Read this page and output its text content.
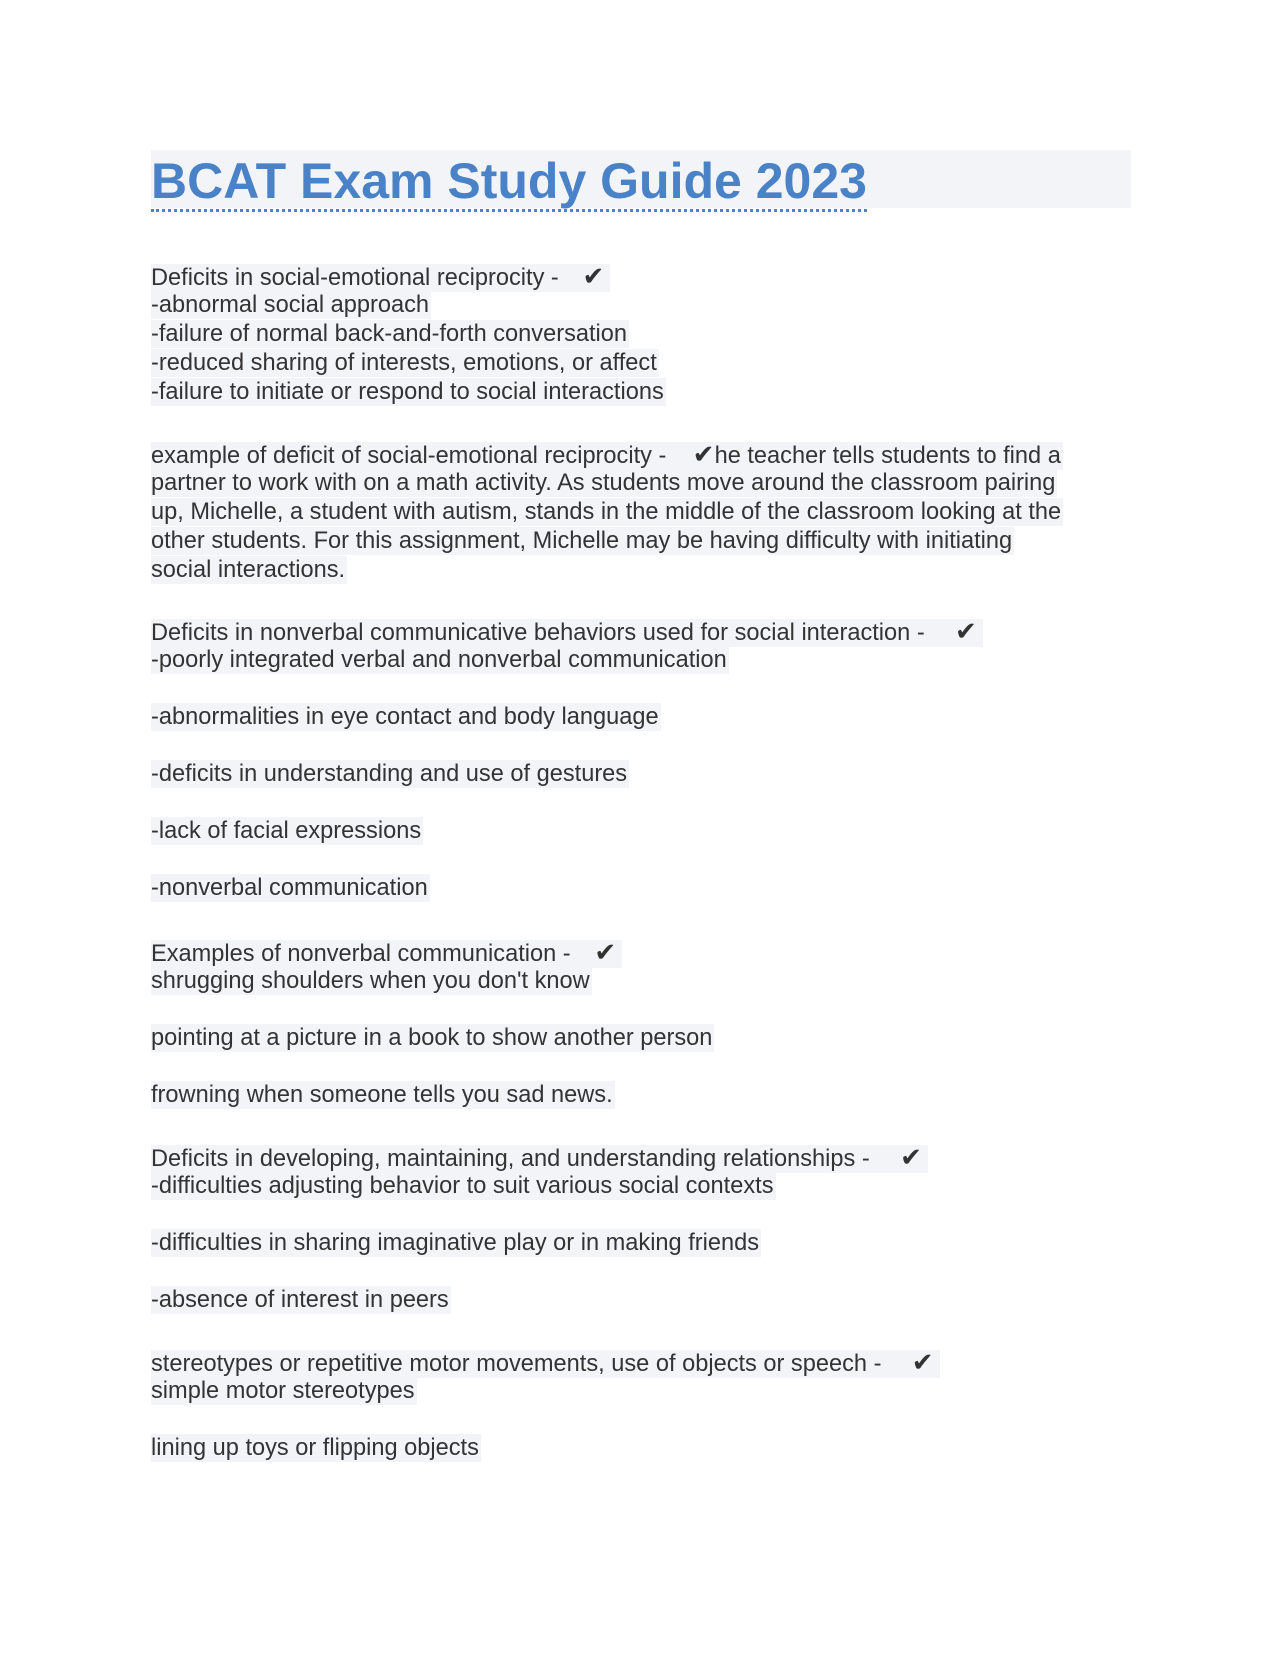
BCAT Exam Study Guide 2023
Deficits in social-emotional reciprocity - ✔
-abnormal social approach
-failure of normal back-and-forth conversation
-reduced sharing of interests, emotions, or affect
-failure to initiate or respond to social interactions
example of deficit of social-emotional reciprocity - ✔he teacher tells students to find a
partner to work with on a math activity. As students move around the classroom pairing
up, Michelle, a student with autism, stands in the middle of the classroom looking at the
other students. For this assignment, Michelle may be having difficulty with initiating
social interactions.
Deficits in nonverbal communicative behaviors used for social interaction - ✔
-poorly integrated verbal and nonverbal communication
-abnormalities in eye contact and body language
-deficits in understanding and use of gestures
-lack of facial expressions
-nonverbal communication
Examples of nonverbal communication - ✔
shrugging shoulders when you don't know
pointing at a picture in a book to show another person
frowning when someone tells you sad news.
Deficits in developing, maintaining, and understanding relationships - ✔
-difficulties adjusting behavior to suit various social contexts
-difficulties in sharing imaginative play or in making friends
-absence of interest in peers
stereotypes or repetitive motor movements, use of objects or speech - ✔
simple motor stereotypes
lining up toys or flipping objects
